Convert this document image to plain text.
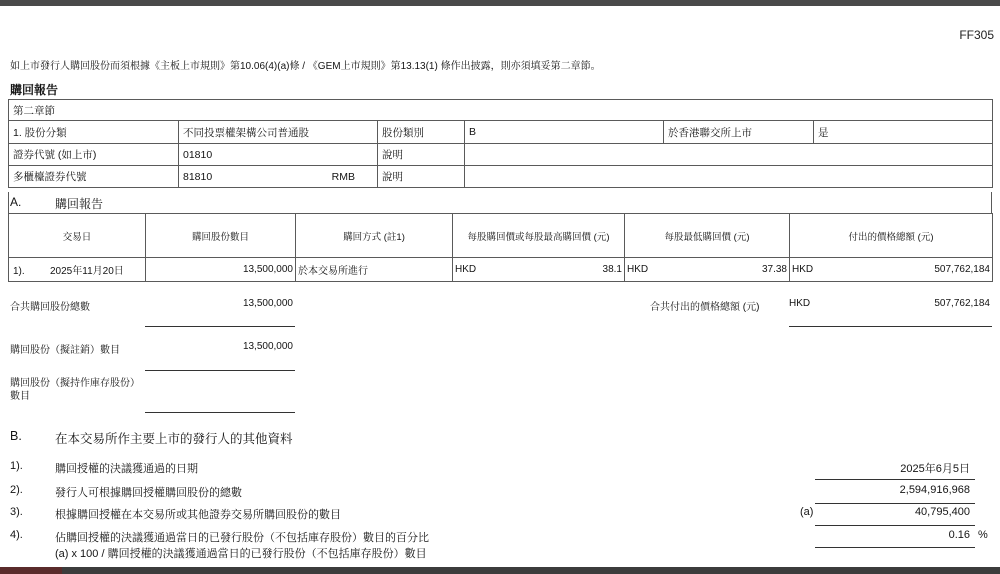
FF305
如上市發行人購回股份而須根據《主板上市規則》第10.06(4)(a)條 / 《GEM上市規則》第13.13(1) 條作出披露，則亦須填妥第二章節。
購回報告
第二章節					
1. 股份分類	不同投票權架構公司普通股	股份類別	B	於香港聯交所上市	是
證券代號 (如上市)	01810	說明			
多櫃檯證券代號	81810 RMB	說明			
A.	購回報告
交易日	購回股份數目	購回方式 (註1)	每股購回價或每股最高購回價 (元)	每股最低購回價 (元)	付出的價格總額 (元)
1). 2025年11月20日	13,500,000	於本交易所進行	HKD 38.1	HKD 37.38	HKD 507,762,184
合共購回股份總數	13,500,000	合共付出的價格總額 (元)	HKD	507,762,184
購回股份（擬註銷）數目	13,500,000
購回股份（擬持作庫存股份）
數目
B.	在本交易所作主要上市的發行人的其他資料
1).	購回授權的決議獲通過的日期	2025年6月5日
2).	發行人可根據購回授權購回股份的總數	2,594,916,968
3).	根據購回授權在本交易所或其他證券交易所購回股份的數目	(a)	40,795,400
4).	佔購回授權的決議獲通過當日的已發行股份（不包括庫存股份）數目的百分比
(a) x 100 / 購回授權的決議獲通過當日的已發行股份（不包括庫存股份）數目
0.16 %
